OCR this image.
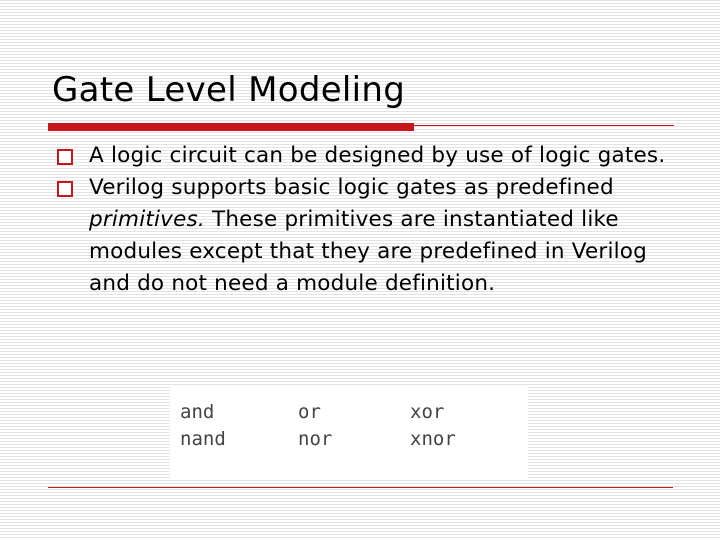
Gate Level Modeling
A logic circuit can be designed by use of logic gates.
Verilog supports basic logic gates as predefined primitives. These primitives are instantiated like modules except that they are predefined in Verilog and do not need a module definition.
and	or	xor
nand	nor	xnor
